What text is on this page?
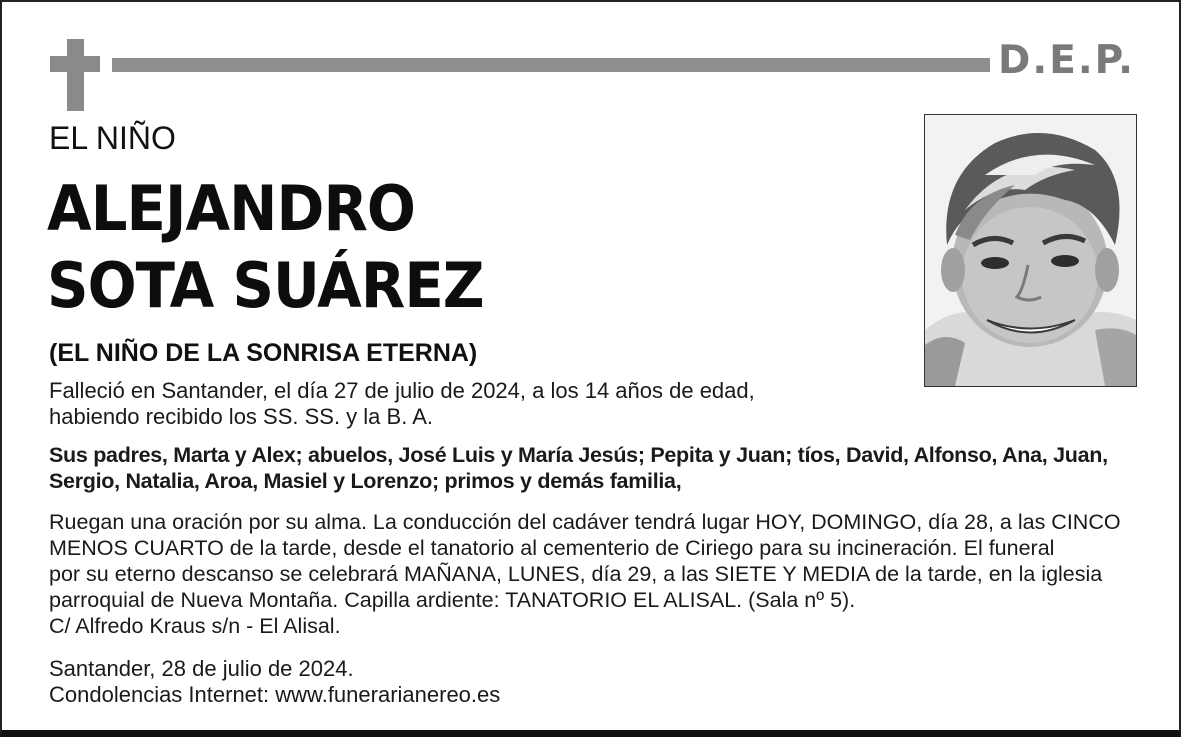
D.E.P.
EL NIÑO
ALEJANDRO
SOTA SUÁREZ
(EL NIÑO DE LA SONRISA ETERNA)
Falleció en Santander, el día 27 de julio de 2024, a los 14 años de edad,
habiendo recibido los SS. SS. y la B. A.
Sus padres, Marta y Alex; abuelos, José Luis y María Jesús; Pepita y Juan; tíos, David, Alfonso, Ana, Juan,
Sergio, Natalia, Aroa, Masiel y Lorenzo; primos y demás familia,
Ruegan una oración por su alma. La conducción del cadáver tendrá lugar HOY, DOMINGO, día 28, a las CINCO
MENOS CUARTO de la tarde, desde el tanatorio al cementerio de Ciriego para su incineración. El funeral
por su eterno descanso se celebrará MAÑANA, LUNES, día 29, a las SIETE Y MEDIA de la tarde, en la iglesia
parroquial de Nueva Montaña. Capilla ardiente: TANATORIO EL ALISAL. (Sala nº 5).
C/ Alfredo Kraus s/n - El Alisal.
Santander, 28 de julio de 2024.
Condolencias Internet: www.funerarianereo.es
